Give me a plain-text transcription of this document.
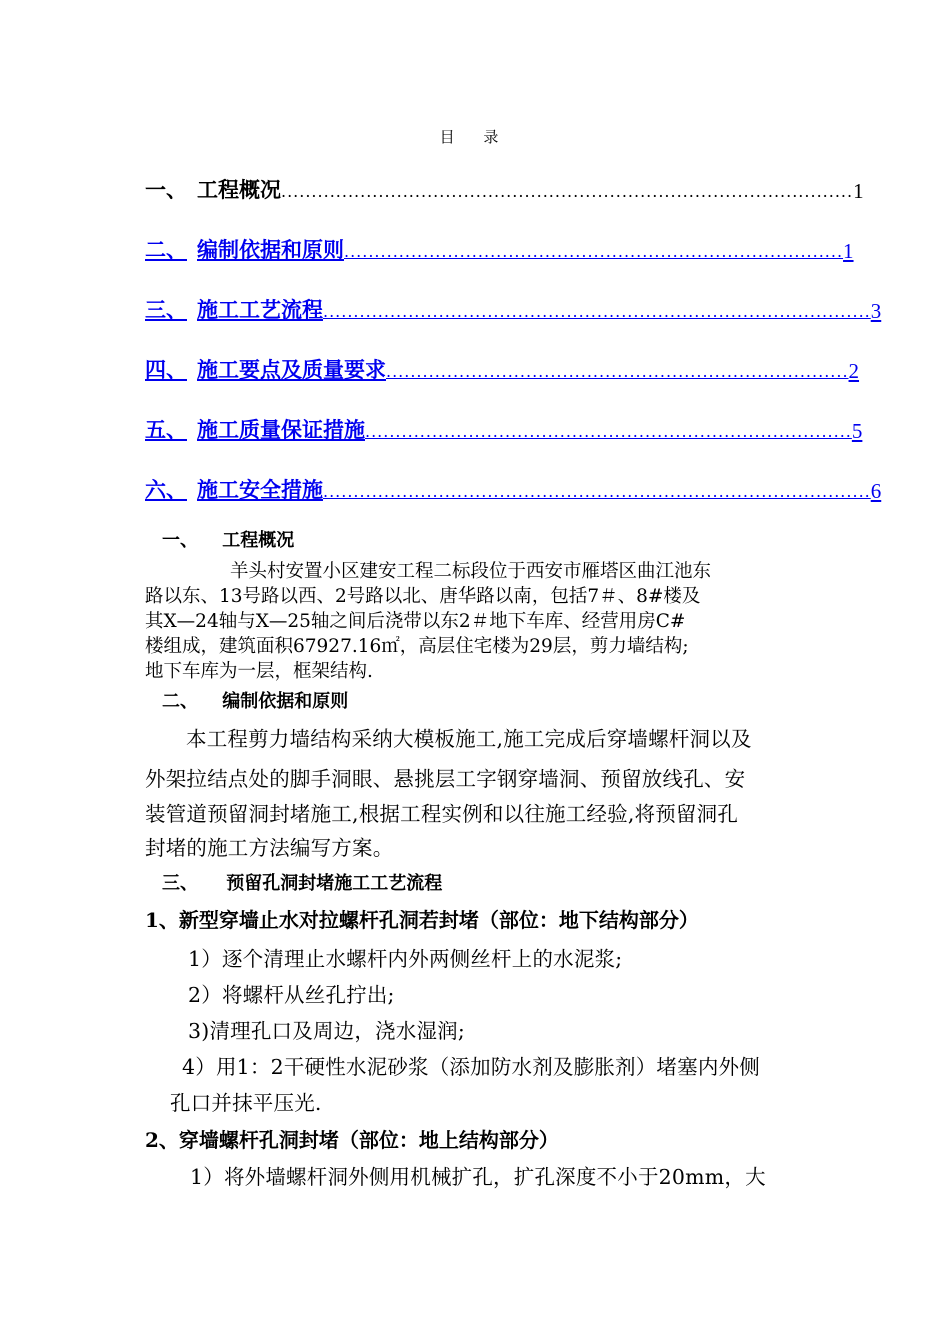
目 录
一、 工程概况 .............................................................................................. 1
二、 编制依据和原则 .................................................................................. 1
三、 施工工艺流程 .......................................................................................... 3
四、 施工要点及质量要求 ............................................................................ 2
五、 施工质量保证措施 ................................................................................ 5
六、 施工安全措施 .......................................................................................... 6
一、 工程概况
羊头村安置小区建安工程二标段位于西安市雁塔区曲江池东
路以东、13号路以西、2号路以北、唐华路以南，包括7＃、8#楼及
其X—24轴与X—25轴之间后浇带以东2＃地下车库、经营用房C#
楼组成，建筑面积67927.16㎡，高层住宅楼为29层，剪力墙结构;
地下车库为一层，框架结构.
二、 编制依据和原则
本工程剪力墙结构采纳大模板施工,施工完成后穿墙螺杆洞以及
外架拉结点处的脚手洞眼、悬挑层工字钢穿墙洞、预留放线孔、安
装管道预留洞封堵施工,根据工程实例和以往施工经验,将预留洞孔
封堵的施工方法编写方案。
三、 预留孔洞封堵施工工艺流程
1、新型穿墙止水对拉螺杆孔洞若封堵（部位：地下结构部分）
1）逐个清理止水螺杆内外两侧丝杆上的水泥浆;
2）将螺杆从丝孔拧出;
3)清理孔口及周边，浇水湿润;
4）用1：2干硬性水泥砂浆（添加防水剂及膨胀剂）堵塞内外侧
孔口并抹平压光.
2、穿墙螺杆孔洞封堵（部位：地上结构部分）
1）将外墙螺杆洞外侧用机械扩孔，扩孔深度不小于20mm，大
